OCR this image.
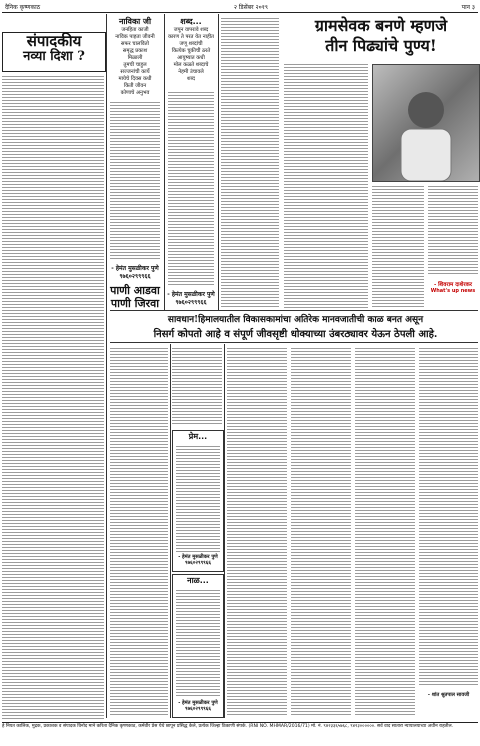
दैनिक कृष्णकाठ	२ डिसेंबर २०१९	पान ३
संपादकीय
नव्या दिशा ?
नाविका जी
जनहिता काजी
नाविक पाहता जीवनी
सफर चालवितो
समृद्ध प्रकाश
मिळाली
तुमची चाहुल
सज्जनांची कार्ये
मायेचे दिवस कधी
किती जीवन
कोणाचे अनुभव
- हेमंत मुसळीकर पुणे
९७६०२९९९६६
पाणी आडवा
पाणी जिरवा
शब्द...
जपून वापरावे शब्द
कारण ते परत येत नाहीत
जणू शब्दांची
कित्येक चुकीची ठरते
आयुष्यात कधी
मोल कळते शब्दाचे
नेहमी उंचावले
शब्द
- हेमंत मुसळीकर पुणे
९७६०२९९९६६
ग्रामसेवक बनणे म्हणजे
तीन पिढ्यांचे पुण्य!
- शिवराम दाशेरकर
What's up news
सावधान!हिमालयातील विकासकामांचा अतिरेक मानवजातीची काळ बनत असून
निसर्ग कोपतो आहे व संपूर्ण जीवसृष्टी धोक्याच्या उंबरठ्यावर येऊन ठेपली आहे.
प्रेम...
- हेमंत मुसळीकर पुणे
९७६०२९९९६६
नाळ...
- हेमंत मुसळीकर पुणे
९७६०२९९९६६
- शांत श्रुतपाल सावजी
हे नियत कालिक, मुद्रक, प्रकाशक व संपादक विनोद माने करिता दैनिक कृष्णकाठ, कर्मवीर प्रेस येथे छापून प्रसिद्ध केले, प्रत्येक जिल्हा ठिकाणी संपर्क. (RNI NO. MHMAR/2016/71) मो. नं. ९४२३३६५७६८, ९४२३००००००. सर्व वाद सातारा न्यायालयाच्या अधीन राहतील.
